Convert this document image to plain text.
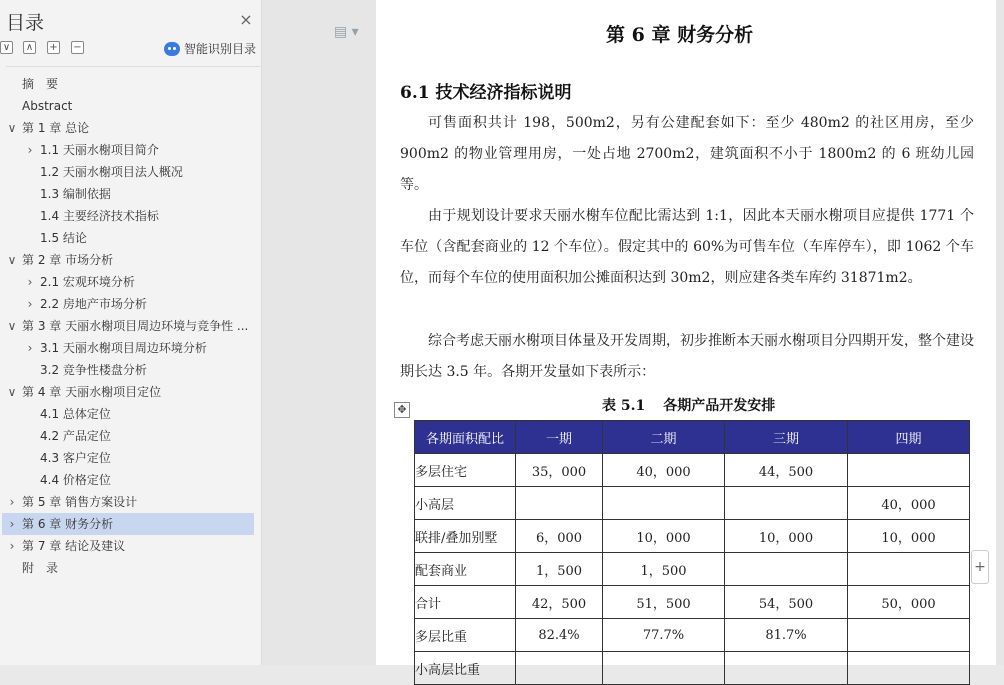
目录	×
∨ ∧ + −	智能识别目录
摘　要
Abstract
∨ 第 1 章 总论
› 1.1 天丽水榭项目简介
1.2 天丽水榭项目法人概况
1.3 编制依据
1.4 主要经济技术指标
1.5 结论
∨ 第 2 章 市场分析
› 2.1 宏观环境分析
› 2.2 房地产市场分析
∨ 第 3 章 天丽水榭项目周边环境与竞争性 ...
› 3.1 天丽水榭项目周边环境分析
3.2 竞争性楼盘分析
∨ 第 4 章 天丽水榭项目定位
4.1 总体定位
4.2 产品定位
4.3 客户定位
4.4 价格定位
› 第 5 章 销售方案设计
› 第 6 章 财务分析
› 第 7 章 结论及建议
附　录
▤ ▾	第 6 章 财务分析
6.1 技术经济指标说明

可售面积共计 198，500m2，另有公建配套如下：至少 480m2 的社区用房，至少 900m2 的物业管理用房，一处占地 2700m2，建筑面积不小于 1800m2 的 6 班幼儿园等。

由于规划设计要求天丽水榭车位配比需达到 1:1，因此本天丽水榭项目应提供 1771 个车位（含配套商业的 12 个车位）。假定其中的 60%为可售车位（车库停车），即 1062 个车位，而每个车位的使用面积加公摊面积达到 30m2，则应建各类车库约 31871m2。

综合考虑天丽水榭项目体量及开发周期，初步推断本天丽水榭项目分四期开发，整个建设期长达 3.5 年。各期开发量如下表所示：

表 5.1 各期产品开发安排
✥
各期面积配比	一期	二期	三期	四期
多层住宅	35，000	40，000	44，500	
小高层				40，000
联排/叠加别墅	6，000	10，000	10，000	10，000
配套商业	1，500	1，500		
合计	42，500	51，500	54，500	50，000
多层比重	82.4%	77.7%	81.7%	
小高层比重				
+
